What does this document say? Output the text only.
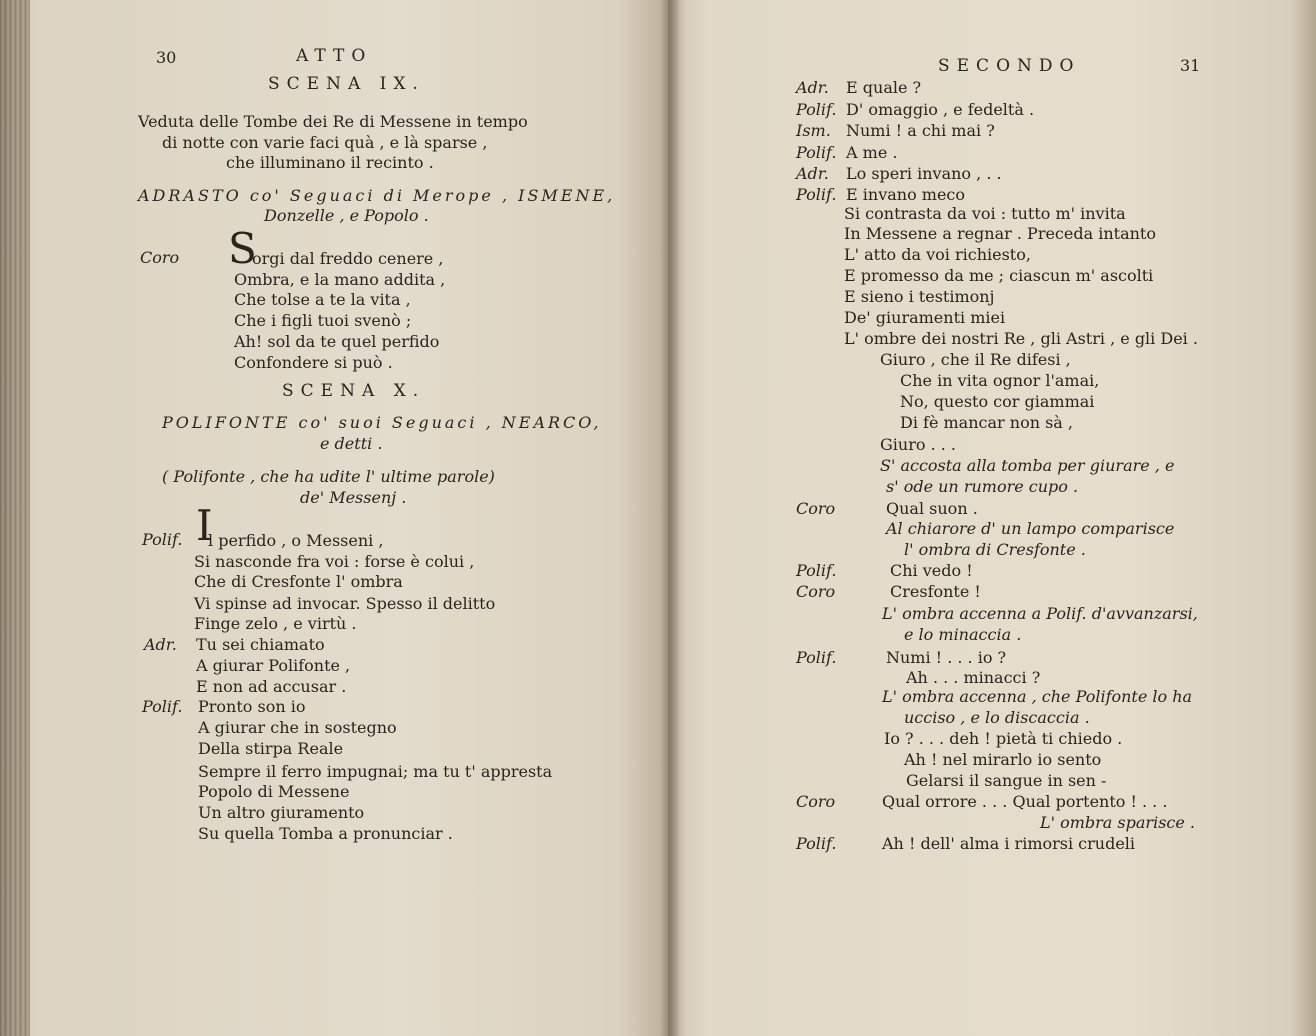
30	ATTO
SCENA IX.
Veduta delle Tombe dei Re di Messene in tempo
di notte con varie faci quà , e là sparse ,
che illuminano il recinto .
ADRASTO co' Seguaci di Merope , ISMENE,
Donzelle , e Popolo .
Coro S
orgi dal freddo cenere ,
Ombra, e la mano addita ,
Che tolse a te la vita ,
Che i figli tuoi svenò ;
Ah! sol da te quel perfido
Confondere si può .
SCENA X.
POLIFONTE co' suoi Seguaci , NEARCO,
e detti .
( Polifonte , che ha udite l' ultime parole)
de' Messenj .
Polif. I
l perfido , o Messeni ,
Si nasconde fra voi : forse è colui ,
Che di Cresfonte l' ombra
Vi spinse ad invocar. Spesso il delitto
Finge zelo , e virtù .
Adr. Tu sei chiamato
A giurar Polifonte ,
E non ad accusar .
Polif. Pronto son io
A giurar che in sostegno
Della stirpa Reale
Sempre il ferro impugnai; ma tu t' appresta
Popolo di Messene
Un altro giuramento
Su quella Tomba a pronunciar .
SECONDO	31
Adr. E quale ?
Polif. D' omaggio , e fedeltà .
Ism. Numi ! a chi mai ?
Polif. A me .
Adr. Lo speri invano , . .
Polif. E invano meco
Si contrasta da voi : tutto m' invita
In Messene a regnar . Preceda intanto
L' atto da voi richiesto,
E promesso da me ; ciascun m' ascolti
E sieno i testimonj
De' giuramenti miei
L' ombre dei nostri Re , gli Astri , e gli Dei .
Giuro , che il Re difesi ,
Che in vita ognor l'amai,
No, questo cor giammai
Di fè mancar non sà ,
Giuro . . .
S' accosta alla tomba per giurare , e
s' ode un rumore cupo .
Coro	Qual suon .
Al chiarore d' un lampo comparisce
l' ombra di Cresfonte .
Polif.	Chi vedo !
Coro	Cresfonte !
L' ombra accenna a Polif. d'avvanzarsi,
e lo minaccia .
Polif.	Numi ! . . . io ?
Ah . . . minacci ?
L' ombra accenna , che Polifonte lo ha
ucciso , e lo discaccia .
Io ? . . . deh ! pietà ti chiedo .
Ah ! nel mirarlo io sento
Gelarsi il sangue in sen -
Coro	Qual orrore . . . Qual portento ! . . .
L' ombra sparisce .
Polif.	Ah ! dell' alma i rimorsi crudeli
